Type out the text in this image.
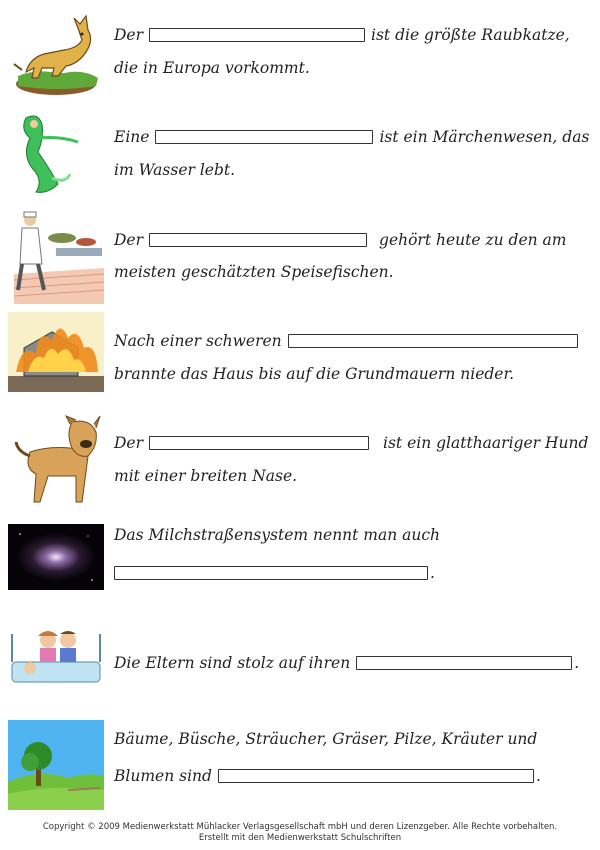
Der	ist die größte Raubkatze,
die in Europa vorkommt.
Eine	ist ein Märchenwesen, das
im Wasser lebt.
Der	gehört heute zu den am
meisten geschätzten Speisefischen.
Nach einer schweren
brannte das Haus bis auf die Grundmauern nieder.
Der	ist ein glatthaariger Hund
mit einer breiten Nase.
Das Milchstraßensystem nennt man auch
.
Die Eltern sind stolz auf ihren	.
Bäume, Büsche, Sträucher, Gräser, Pilze, Kräuter und
Blumen sind	.
Copyright © 2009 Medienwerkstatt Mühlacker Verlagsgesellschaft mbH und deren Lizenzgeber. Alle Rechte vorbehalten.
Erstellt mit den Medienwerkstatt Schulschriften
